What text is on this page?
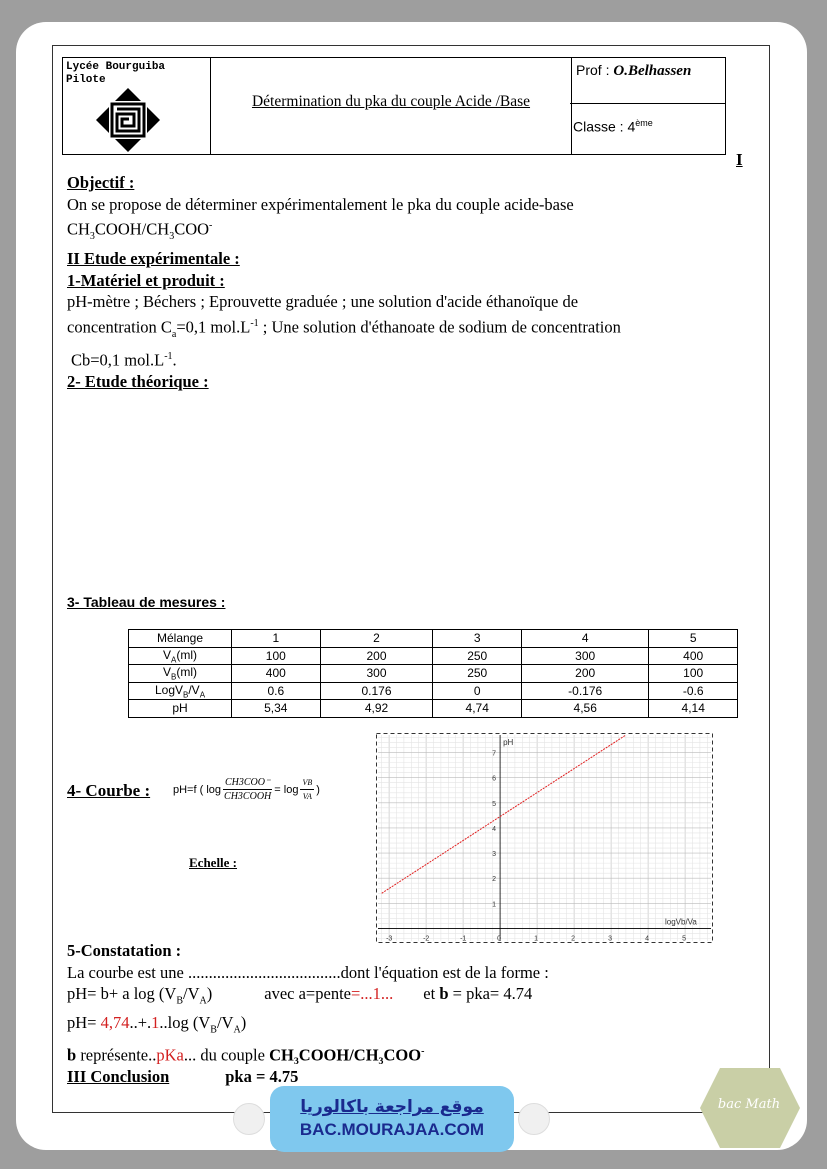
Lycée Bourguiba
Pilote
Détermination du pka du couple Acide /Base
Prof : O.Belhassen
Classe : 4ème
I

Objectif :

On se propose de déterminer expérimentalement le pka du couple acide-base

$CH_3COOH/CH_3COO^-$

II Etude expérimentale :

1-Matériel et produit :

pH-mètre ; Béchers ; Eprouvette graduée ; une solution d'acide éthanoïque de

concentration $C_a=0,1$ $mol.L^{-1}$ ; Une solution d'éthanoate de sodium de concentration

Cb=0,1 $mol.L^{-1}$.

2- Etude théorique :

3- Tableau de mesures :
Mélange	1	2	3	4	5
$V_A(ml)$	100	200	250	300	400
$V_B(ml)$	400	300	250	200	100
$LogV_B/V_A$	0.6	0.176	0	-0.176	-0.6
pH	5,34	4,92	4,74	4,56	4,14
4- Courbe : pH=f ( $\log \frac{\text{CH3COO⁻}}{\text{CH3COOH}} = \log \frac{VB}{VA}$ )
Echelle :
-3	-2	-1	0	1	2	3	4	5
1
2
3
4
5
6
7
logVb/Va
pH

5-Constatation :

La courbe est une .....................................dont l'équation est de la forme :

pH= b+ a $\log (V_B/V_A)$	avec a=pente=...1... et b = pka= 4.74

pH= 4,74..+.1..log $(V_B/V_A)$

b représente..pKa... du couple CH₃COOH/CH₃COO-

III Conclusion	pka = 4.75

موقع مراجعة باكالوريا
BAC.MOURAJAA.COM
bac Math
